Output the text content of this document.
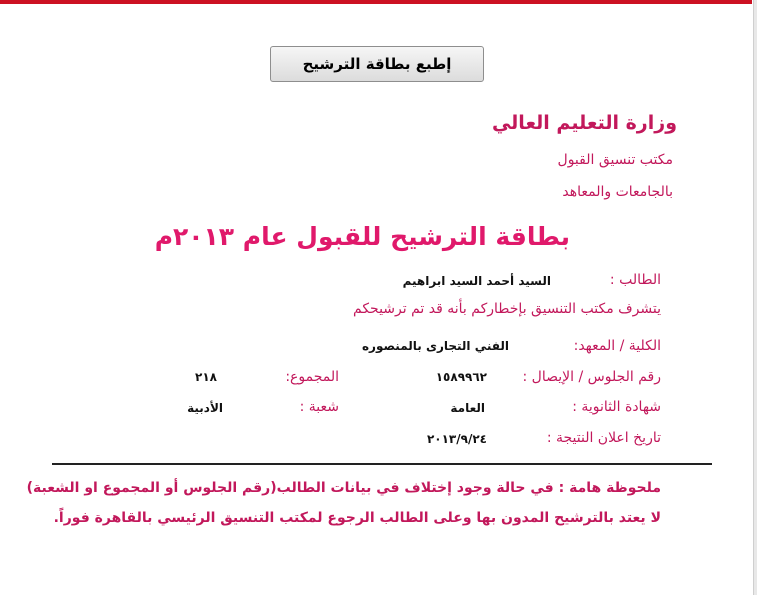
إطبع بطاقة الترشيح
وزارة التعليم العالي
مكتب تنسيق القبول
بالجامعات والمعاهد
بطاقة الترشيح للقبول عام ٢٠١٣م
الطالب :
السيد أحمد السيد ابراهيم
يتشرف مكتب التنسيق بإخطاركم بأنه قد تم ترشيحكم
الكلية / المعهد:
الفني التجارى بالمنصوره
رقم الجلوس / الإيصال :
١٥٨٩٩٦٢
المجموع:
٢١٨
شهادة الثانوية :
العامة
شعبة :
الأدبية
تاريخ اعلان النتيجة :
٢٠١٣/٩/٢٤
ملحوظة هامة : في حالة وجود إختلاف في بيانات الطالب(رقم الجلوس أو المجموع او الشعبة)
لا يعتد بالترشيح المدون بها وعلى الطالب الرجوع لمكتب التنسيق الرئيسي بالقاهرة فوراً.
